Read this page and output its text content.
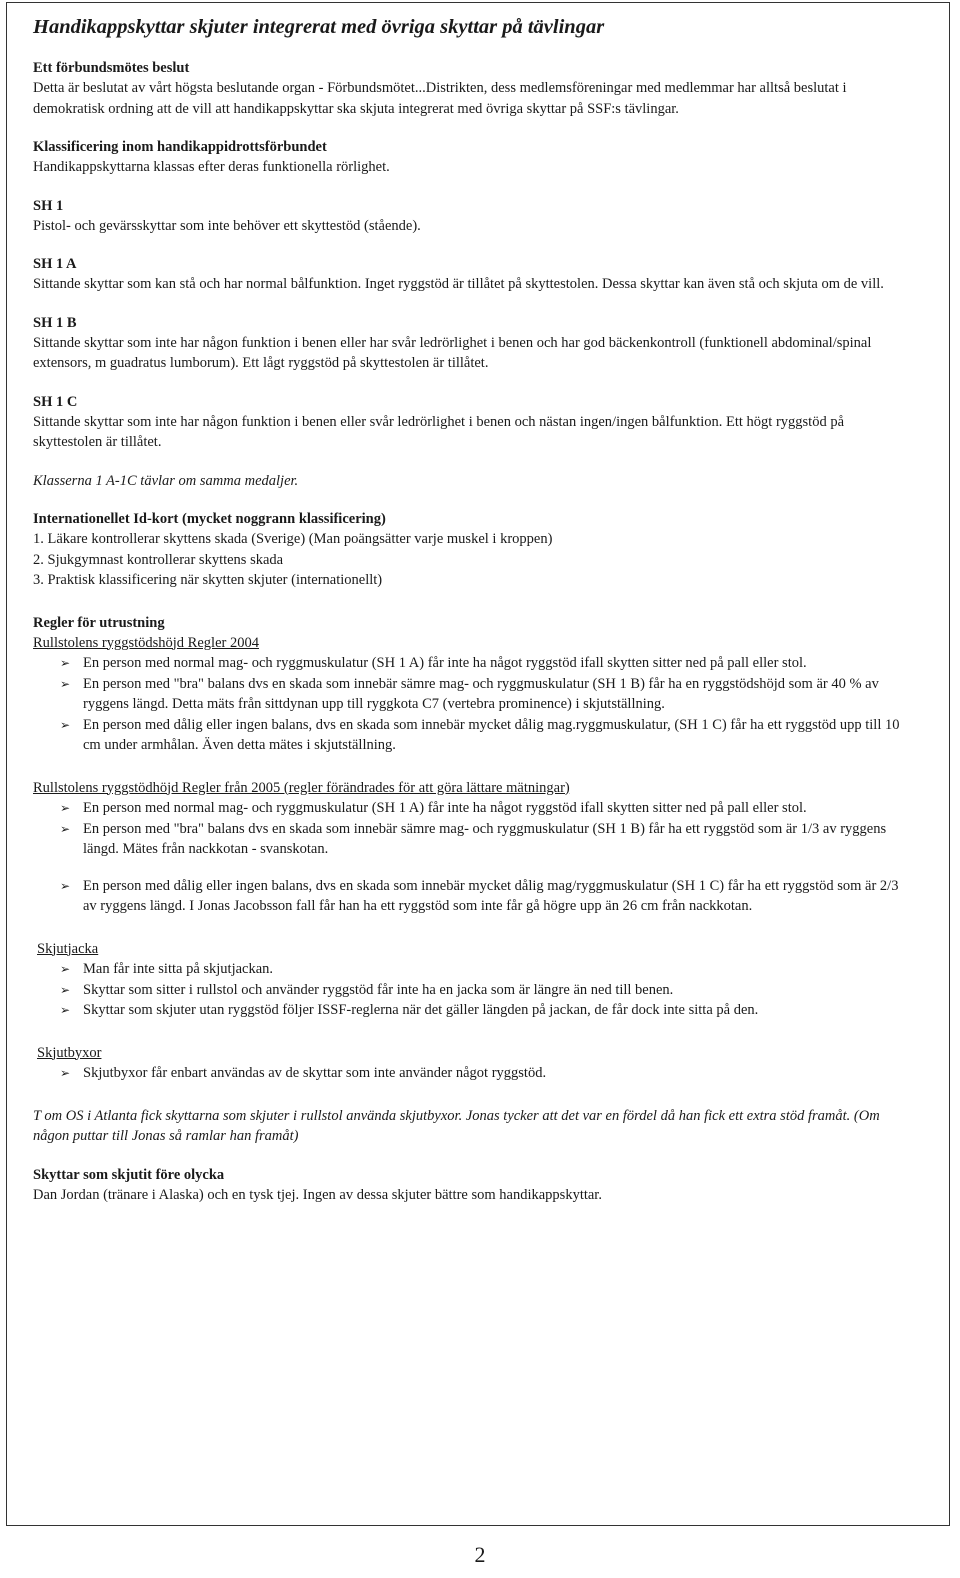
Handikappskyttar skjuter integrerat med övriga skyttar på tävlingar
Ett förbundsmötes beslut

Detta är beslutat av vårt högsta beslutande organ - Förbundsmötet...Distrikten, dess medlemsföreningar med medlemmar har alltså beslutat i demokratisk ordning att de vill att handikappskyttar ska skjuta integrerat med övriga skyttar på SSF:s tävlingar.

Klassificering inom handikappidrottsförbundet

Handikappskyttarna klassas efter deras funktionella rörlighet.

SH 1

Pistol- och gevärsskyttar som inte behöver ett skyttestöd (stående).

SH 1 A

Sittande skyttar som kan stå och har normal bålfunktion. Inget ryggstöd är tillåtet på skyttestolen. Dessa skyttar kan även stå och skjuta om de vill.

SH 1 B

Sittande skyttar som inte har någon funktion i benen eller har svår ledrörlighet i benen och har god bäckenkontroll (funktionell abdominal/spinal extensors, m guadratus lumborum). Ett lågt ryggstöd på skyttestolen är tillåtet.

SH 1 C

Sittande skyttar som inte har någon funktion i benen eller svår ledrörlighet i benen och nästan ingen/ingen bålfunktion. Ett högt ryggstöd på skyttestolen är tillåtet.

Klasserna 1 A-1C tävlar om samma medaljer.

Internationellet Id-kort (mycket noggrann klassificering)
1. Läkare kontrollerar skyttens skada (Sverige) (Man poängsätter varje muskel i kroppen)
2. Sjukgymnast kontrollerar skyttens skada
3. Praktisk klassificering när skytten skjuter (internationellt)
Regler för utrustning
Rullstolens ryggstödshöjd Regler 2004
➢ En person med normal mag- och ryggmuskulatur (SH 1 A) får inte ha något ryggstöd ifall skytten sitter ned på pall eller stol.
➢ En person med "bra" balans dvs en skada som innebär sämre mag- och ryggmuskulatur (SH 1 B) får ha en ryggstödshöjd som är 40 % av ryggens längd. Detta mäts från sittdynan upp till ryggkota C7 (vertebra prominence) i skjutställning.
➢ En person med dålig eller ingen balans, dvs en skada som innebär mycket dålig mag.ryggmuskulatur, (SH 1 C) får ha ett ryggstöd upp till 10 cm under armhålan. Även detta mätes i skjutställning.
Rullstolens ryggstödhöjd Regler från 2005 (regler förändrades för att göra lättare mätningar)
➢ En person med normal mag- och ryggmuskulatur (SH 1 A) får inte ha något ryggstöd ifall skytten sitter ned på pall eller stol.
➢ En person med "bra" balans dvs en skada som innebär sämre mag- och ryggmuskulatur (SH 1 B) får ha ett ryggstöd som är 1/3 av ryggens längd. Mätes från nackkotan - svanskotan.
➢ En person med dålig eller ingen balans, dvs en skada som innebär mycket dålig mag/ryggmuskulatur (SH 1 C) får ha ett ryggstöd som är 2/3 av ryggens längd. I Jonas Jacobsson fall får han ha ett ryggstöd som inte får gå högre upp än 26 cm från nackkotan.
Skjutjacka
➢ Man får inte sitta på skjutjackan.
➢ Skyttar som sitter i rullstol och använder ryggstöd får inte ha en jacka som är längre än ned till benen.
➢ Skyttar som skjuter utan ryggstöd följer ISSF-reglerna när det gäller längden på jackan, de får dock inte sitta på den.
Skjutbyxor
➢ Skjutbyxor får enbart användas av de skyttar som inte använder något ryggstöd.

T om OS i Atlanta fick skyttarna som skjuter i rullstol använda skjutbyxor. Jonas tycker att det var en fördel då han fick ett extra stöd framåt. (Om någon puttar till Jonas så ramlar han framåt)

Skyttar som skjutit före olycka

Dan Jordan (tränare i Alaska) och en tysk tjej. Ingen av dessa skjuter bättre som handikappskyttar.

2
